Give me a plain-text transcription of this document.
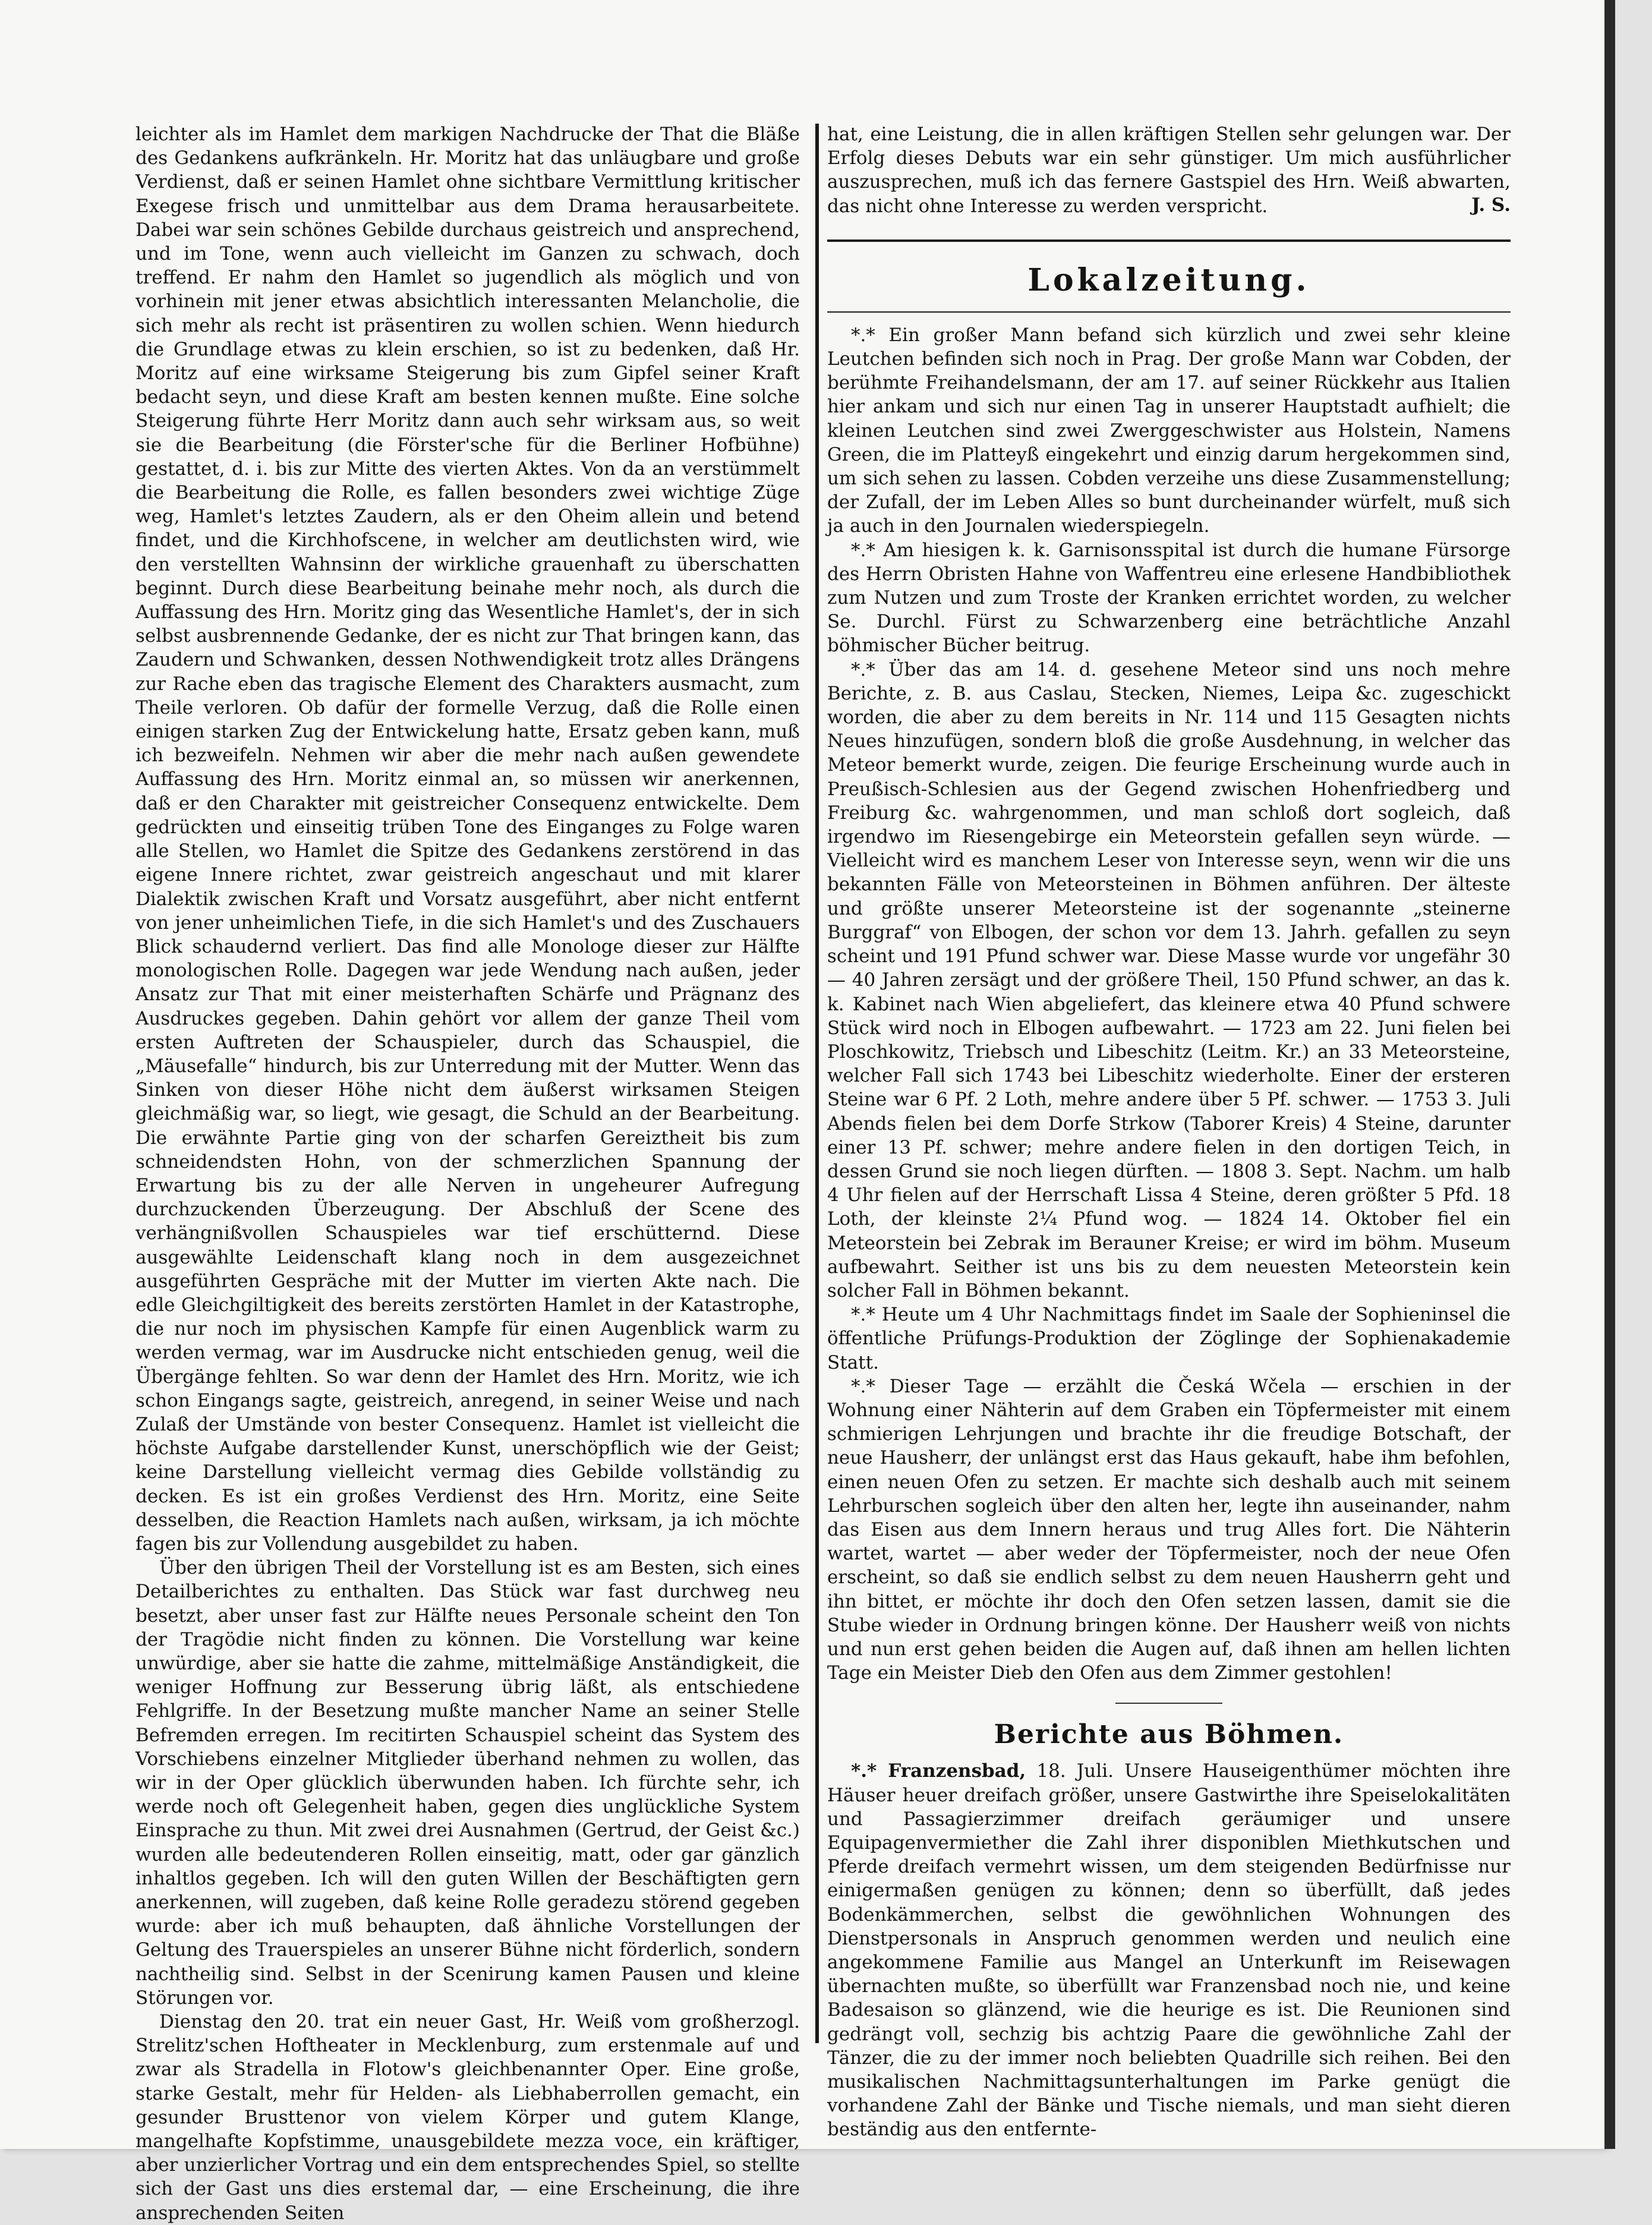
leichter als im Hamlet dem markigen Nachdrucke der That die Bläße des Gedankens aufkränkeln. Hr. Moritz hat das unläugbare und große Verdienst, daß er seinen Hamlet ohne sichtbare Vermittlung kritischer Exegese frisch und unmittelbar aus dem Drama herausarbeitete. Dabei war sein schönes Gebilde durchaus geistreich und ansprechend, und im Tone, wenn auch vielleicht im Ganzen zu schwach, doch treffend. Er nahm den Hamlet so jugendlich als möglich und von vorhinein mit jener etwas absichtlich interessanten Melancholie, die sich mehr als recht ist präsentiren zu wollen schien. Wenn hiedurch die Grundlage etwas zu klein erschien, so ist zu bedenken, daß Hr. Moritz auf eine wirksame Steigerung bis zum Gipfel seiner Kraft bedacht seyn, und diese Kraft am besten kennen mußte. Eine solche Steigerung führte Herr Moritz dann auch sehr wirksam aus, so weit sie die Bearbeitung (die Förster'sche für die Berliner Hofbühne) gestattet, d. i. bis zur Mitte des vierten Aktes. Von da an verstümmelt die Bearbeitung die Rolle, es fallen besonders zwei wichtige Züge weg, Hamlet's letztes Zaudern, als er den Oheim allein und betend findet, und die Kirchhofscene, in welcher am deutlichsten wird, wie den verstellten Wahnsinn der wirkliche grauenhaft zu überschatten beginnt. Durch diese Bearbeitung beinahe mehr noch, als durch die Auffassung des Hrn. Moritz ging das Wesentliche Hamlet's, der in sich selbst ausbrennende Gedanke, der es nicht zur That bringen kann, das Zaudern und Schwanken, dessen Nothwendigkeit trotz alles Drängens zur Rache eben das tragische Element des Charakters ausmacht, zum Theile verloren. Ob dafür der formelle Verzug, daß die Rolle einen einigen starken Zug der Entwickelung hatte, Ersatz geben kann, muß ich bezweifeln. Nehmen wir aber die mehr nach außen gewendete Auffassung des Hrn. Moritz einmal an, so müssen wir anerkennen, daß er den Charakter mit geistreicher Consequenz entwickelte. Dem gedrückten und einseitig trüben Tone des Einganges zu Folge waren alle Stellen, wo Hamlet die Spitze des Gedankens zerstörend in das eigene Innere richtet, zwar geistreich angeschaut und mit klarer Dialektik zwischen Kraft und Vorsatz ausgeführt, aber nicht entfernt von jener unheimlichen Tiefe, in die sich Hamlet's und des Zuschauers Blick schaudernd verliert. Das find alle Monologe dieser zur Hälfte monologischen Rolle. Dagegen war jede Wendung nach außen, jeder Ansatz zur That mit einer meisterhaften Schärfe und Prägnanz des Ausdruckes gegeben. Dahin gehört vor allem der ganze Theil vom ersten Auftreten der Schauspieler, durch das Schauspiel, die „Mäusefalle“ hindurch, bis zur Unterredung mit der Mutter. Wenn das Sinken von dieser Höhe nicht dem äußerst wirksamen Steigen gleichmäßig war, so liegt, wie gesagt, die Schuld an der Bearbeitung. Die erwähnte Partie ging von der scharfen Gereiztheit bis zum schneidendsten Hohn, von der schmerzlichen Spannung der Erwartung bis zu der alle Nerven in ungeheurer Aufregung durchzuckenden Überzeugung. Der Abschluß der Scene des verhängnißvollen Schauspieles war tief erschütternd. Diese ausgewählte Leidenschaft klang noch in dem ausgezeichnet ausgeführten Gespräche mit der Mutter im vierten Akte nach. Die edle Gleichgiltigkeit des bereits zerstörten Hamlet in der Katastrophe, die nur noch im physischen Kampfe für einen Augenblick warm zu werden vermag, war im Ausdrucke nicht entschieden genug, weil die Übergänge fehlten. So war denn der Hamlet des Hrn. Moritz, wie ich schon Eingangs sagte, geistreich, anregend, in seiner Weise und nach Zulaß der Umstände von bester Consequenz. Hamlet ist vielleicht die höchste Aufgabe darstellender Kunst, unerschöpflich wie der Geist; keine Darstellung vielleicht vermag dies Gebilde vollständig zu decken. Es ist ein großes Verdienst des Hrn. Moritz, eine Seite desselben, die Reaction Hamlets nach außen, wirksam, ja ich möchte fagen bis zur Vollendung ausgebildet zu haben.

Über den übrigen Theil der Vorstellung ist es am Besten, sich eines Detailberichtes zu enthalten. Das Stück war fast durchweg neu besetzt, aber unser fast zur Hälfte neues Personale scheint den Ton der Tragödie nicht finden zu können. Die Vorstellung war keine unwürdige, aber sie hatte die zahme, mittelmäßige Anständigkeit, die weniger Hoffnung zur Besserung übrig läßt, als entschiedene Fehlgriffe. In der Besetzung mußte mancher Name an seiner Stelle Befremden erregen. Im recitirten Schauspiel scheint das System des Vorschiebens einzelner Mitglieder überhand nehmen zu wollen, das wir in der Oper glücklich überwunden haben. Ich fürchte sehr, ich werde noch oft Gelegenheit haben, gegen dies unglückliche System Einsprache zu thun. Mit zwei drei Ausnahmen (Gertrud, der Geist &c.) wurden alle bedeutenderen Rollen einseitig, matt, oder gar gänzlich inhaltlos gegeben. Ich will den guten Willen der Beschäftigten gern anerkennen, will zugeben, daß keine Rolle geradezu störend gegeben wurde: aber ich muß behaupten, daß ähnliche Vorstellungen der Geltung des Trauerspieles an unserer Bühne nicht förderlich, sondern nachtheilig sind. Selbst in der Scenirung kamen Pausen und kleine Störungen vor.

Dienstag den 20. trat ein neuer Gast, Hr. Weiß vom großherzogl. Strelitz'schen Hoftheater in Mecklenburg, zum erstenmale auf und zwar als Stradella in Flotow's gleichbenannter Oper. Eine große, starke Gestalt, mehr für Helden- als Liebhaberrollen gemacht, ein gesunder Brusttenor von vielem Körper und gutem Klange, mangelhafte Kopfstimme, unausgebildete mezza voce, ein kräftiger, aber unzierlicher Vortrag und ein dem entsprechendes Spiel, so stellte sich der Gast uns dies erstemal dar, — eine Erscheinung, die ihre ansprechenden Seiten

hat, eine Leistung, die in allen kräftigen Stellen sehr gelungen war. Der Erfolg dieses Debuts war ein sehr günstiger. Um mich ausführlicher auszusprechen, muß ich das fernere Gastspiel des Hrn. Weiß abwarten, das nicht ohne Interesse zu werden verspricht.	J. S.
Lokalzeitung.

*.* Ein großer Mann befand sich kürzlich und zwei sehr kleine Leutchen befinden sich noch in Prag. Der große Mann war Cobden, der berühmte Freihandelsmann, der am 17. auf seiner Rückkehr aus Italien hier ankam und sich nur einen Tag in unserer Hauptstadt aufhielt; die kleinen Leutchen sind zwei Zwerggeschwister aus Holstein, Namens Green, die im Platteyß eingekehrt und einzig darum hergekommen sind, um sich sehen zu lassen. Cobden verzeihe uns diese Zusammenstellung; der Zufall, der im Leben Alles so bunt durcheinander würfelt, muß sich ja auch in den Journalen wiederspiegeln.

*.* Am hiesigen k. k. Garnisonsspital ist durch die humane Fürsorge des Herrn Obristen Hahne von Waffentreu eine erlesene Handbibliothek zum Nutzen und zum Troste der Kranken errichtet worden, zu welcher Se. Durchl. Fürst zu Schwarzenberg eine beträchtliche Anzahl böhmischer Bücher beitrug.

*.* Über das am 14. d. gesehene Meteor sind uns noch mehre Berichte, z. B. aus Caslau, Stecken, Niemes, Leipa &c. zugeschickt worden, die aber zu dem bereits in Nr. 114 und 115 Gesagten nichts Neues hinzufügen, sondern bloß die große Ausdehnung, in welcher das Meteor bemerkt wurde, zeigen. Die feurige Erscheinung wurde auch in Preußisch-Schlesien aus der Gegend zwischen Hohenfriedberg und Freiburg &c. wahrgenommen, und man schloß dort sogleich, daß irgendwo im Riesengebirge ein Meteorstein gefallen seyn würde. — Vielleicht wird es manchem Leser von Interesse seyn, wenn wir die uns bekannten Fälle von Meteorsteinen in Böhmen anführen. Der älteste und größte unserer Meteorsteine ist der sogenannte „steinerne Burggraf“ von Elbogen, der schon vor dem 13. Jahrh. gefallen zu seyn scheint und 191 Pfund schwer war. Diese Masse wurde vor ungefähr 30 — 40 Jahren zersägt und der größere Theil, 150 Pfund schwer, an das k. k. Kabinet nach Wien abgeliefert, das kleinere etwa 40 Pfund schwere Stück wird noch in Elbogen aufbewahrt. — 1723 am 22. Juni fielen bei Ploschkowitz, Triebsch und Libeschitz (Leitm. Kr.) an 33 Meteorsteine, welcher Fall sich 1743 bei Libeschitz wiederholte. Einer der ersteren Steine war 6 Pf. 2 Loth, mehre andere über 5 Pf. schwer. — 1753 3. Juli Abends fielen bei dem Dorfe Strkow (Taborer Kreis) 4 Steine, darunter einer 13 Pf. schwer; mehre andere fielen in den dortigen Teich, in dessen Grund sie noch liegen dürften. — 1808 3. Sept. Nachm. um halb 4 Uhr fielen auf der Herrschaft Lissa 4 Steine, deren größter 5 Pfd. 18 Loth, der kleinste 2¼ Pfund wog. — 1824 14. Oktober fiel ein Meteorstein bei Zebrak im Berauner Kreise; er wird im böhm. Museum aufbewahrt. Seither ist uns bis zu dem neuesten Meteorstein kein solcher Fall in Böhmen bekannt.

*.* Heute um 4 Uhr Nachmittags findet im Saale der Sophieninsel die öffentliche Prüfungs-Produktion der Zöglinge der Sophienakademie Statt.

*.* Dieser Tage — erzählt die Česká Wčela — erschien in der Wohnung einer Nähterin auf dem Graben ein Töpfermeister mit einem schmierigen Lehrjungen und brachte ihr die freudige Botschaft, der neue Hausherr, der unlängst erst das Haus gekauft, habe ihm befohlen, einen neuen Ofen zu setzen. Er machte sich deshalb auch mit seinem Lehrburschen sogleich über den alten her, legte ihn auseinander, nahm das Eisen aus dem Innern heraus und trug Alles fort. Die Nähterin wartet, wartet — aber weder der Töpfermeister, noch der neue Ofen erscheint, so daß sie endlich selbst zu dem neuen Hausherrn geht und ihn bittet, er möchte ihr doch den Ofen setzen lassen, damit sie die Stube wieder in Ordnung bringen könne. Der Hausherr weiß von nichts und nun erst gehen beiden die Augen auf, daß ihnen am hellen lichten Tage ein Meister Dieb den Ofen aus dem Zimmer gestohlen!

Berichte aus Böhmen.

*.* Franzensbad, 18. Juli. Unsere Hauseigenthümer möchten ihre Häuser heuer dreifach größer, unsere Gastwirthe ihre Speiselokalitäten und Passagierzimmer dreifach geräumiger und unsere Equipagenvermiether die Zahl ihrer disponiblen Miethkutschen und Pferde dreifach vermehrt wissen, um dem steigenden Bedürfnisse nur einigermaßen genügen zu können; denn so überfüllt, daß jedes Bodenkämmerchen, selbst die gewöhnlichen Wohnungen des Dienstpersonals in Anspruch genommen werden und neulich eine angekommene Familie aus Mangel an Unterkunft im Reisewagen übernachten mußte, so überfüllt war Franzensbad noch nie, und keine Badesaison so glänzend, wie die heurige es ist. Die Reunionen sind gedrängt voll, sechzig bis achtzig Paare die gewöhnliche Zahl der Tänzer, die zu der immer noch beliebten Quadrille sich reihen. Bei den musikalischen Nachmittagsunterhaltungen im Parke genügt die vorhandene Zahl der Bänke und Tische niemals, und man sieht dieren beständig aus den entfernte-
